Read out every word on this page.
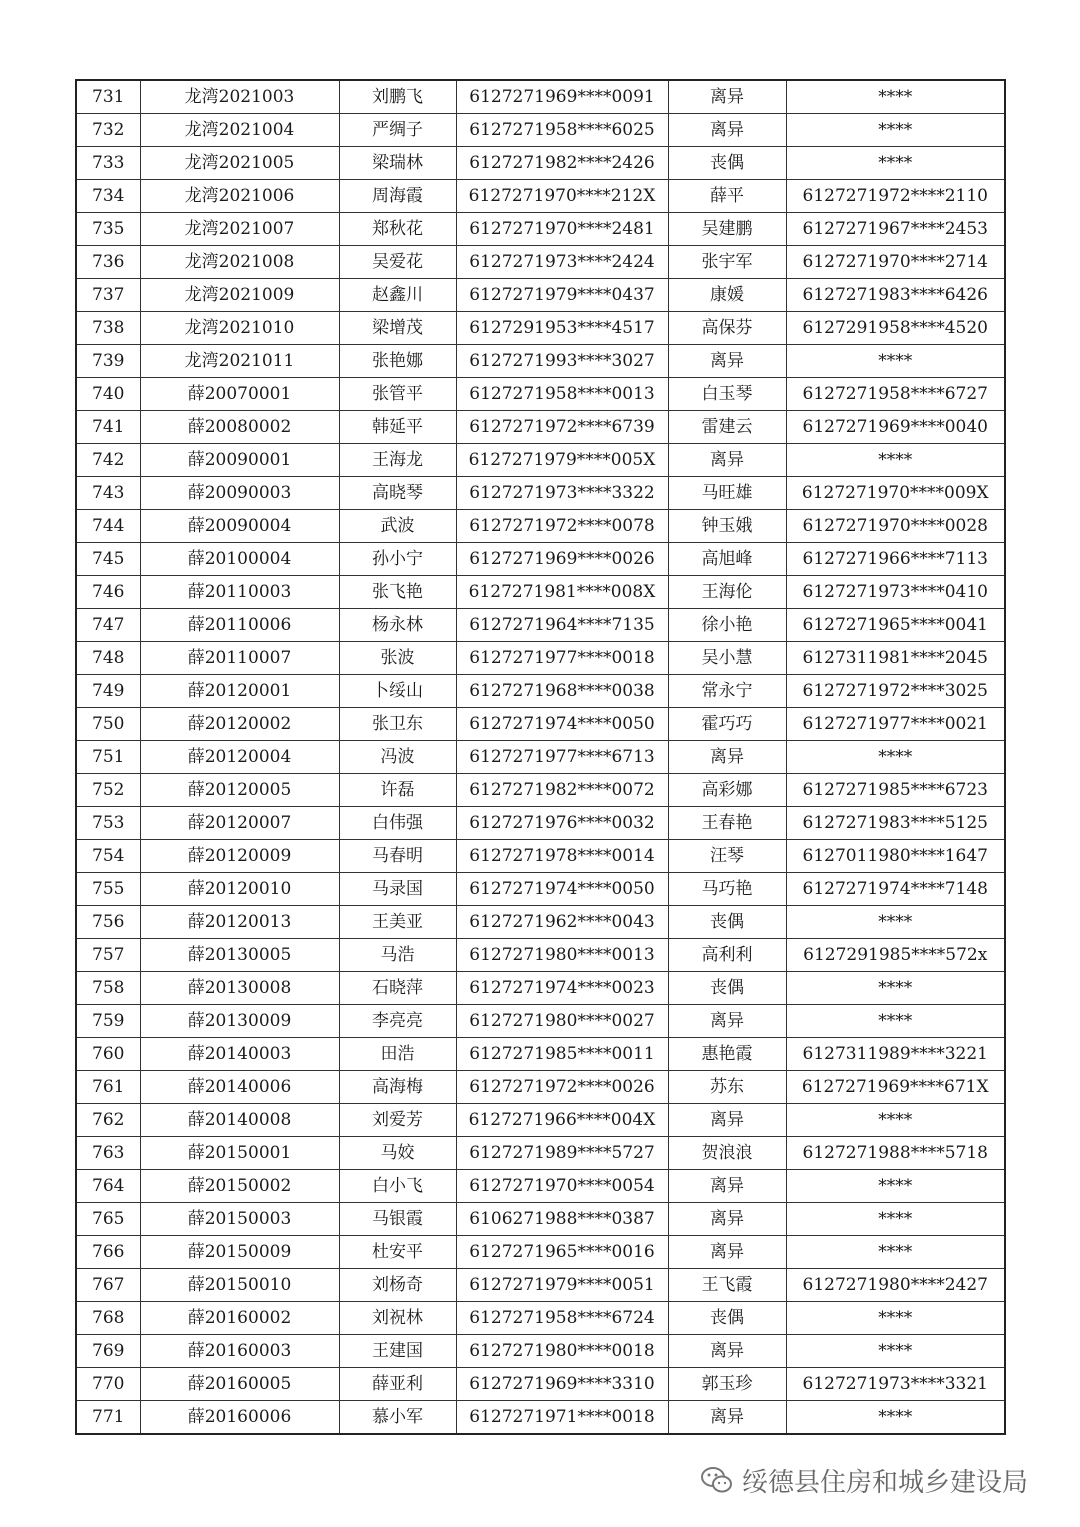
731	龙湾2021003	刘鹏飞	6127271969****0091	离异	****
732	龙湾2021004	严绸子	6127271958****6025	离异	****
733	龙湾2021005	梁瑞林	6127271982****2426	丧偶	****
734	龙湾2021006	周海霞	6127271970****212X	薛平	6127271972****2110
735	龙湾2021007	郑秋花	6127271970****2481	吴建鹏	6127271967****2453
736	龙湾2021008	吴爱花	6127271973****2424	张宇军	6127271970****2714
737	龙湾2021009	赵鑫川	6127271979****0437	康媛	6127271983****6426
738	龙湾2021010	梁增茂	6127291953****4517	高保芬	6127291958****4520
739	龙湾2021011	张艳娜	6127271993****3027	离异	****
740	薛20070001	张管平	6127271958****0013	白玉琴	6127271958****6727
741	薛20080002	韩延平	6127271972****6739	雷建云	6127271969****0040
742	薛20090001	王海龙	6127271979****005X	离异	****
743	薛20090003	高晓琴	6127271973****3322	马旺雄	6127271970****009X
744	薛20090004	武波	6127271972****0078	钟玉娥	6127271970****0028
745	薛20100004	孙小宁	6127271969****0026	高旭峰	6127271966****7113
746	薛20110003	张飞艳	6127271981****008X	王海伦	6127271973****0410
747	薛20110006	杨永林	6127271964****7135	徐小艳	6127271965****0041
748	薛20110007	张波	6127271977****0018	吴小慧	6127311981****2045
749	薛20120001	卜绥山	6127271968****0038	常永宁	6127271972****3025
750	薛20120002	张卫东	6127271974****0050	霍巧巧	6127271977****0021
751	薛20120004	冯波	6127271977****6713	离异	****
752	薛20120005	许磊	6127271982****0072	高彩娜	6127271985****6723
753	薛20120007	白伟强	6127271976****0032	王春艳	6127271983****5125
754	薛20120009	马春明	6127271978****0014	汪琴	6127011980****1647
755	薛20120010	马录国	6127271974****0050	马巧艳	6127271974****7148
756	薛20120013	王美亚	6127271962****0043	丧偶	****
757	薛20130005	马浩	6127271980****0013	高利利	6127291985****572x
758	薛20130008	石晓萍	6127271974****0023	丧偶	****
759	薛20130009	李亮亮	6127271980****0027	离异	****
760	薛20140003	田浩	6127271985****0011	惠艳霞	6127311989****3221
761	薛20140006	高海梅	6127271972****0026	苏东	6127271969****671X
762	薛20140008	刘爱芳	6127271966****004X	离异	****
763	薛20150001	马姣	6127271989****5727	贺浪浪	6127271988****5718
764	薛20150002	白小飞	6127271970****0054	离异	****
765	薛20150003	马银霞	6106271988****0387	离异	****
766	薛20150009	杜安平	6127271965****0016	离异	****
767	薛20150010	刘杨奇	6127271979****0051	王飞霞	6127271980****2427
768	薛20160002	刘祝林	6127271958****6724	丧偶	****
769	薛20160003	王建国	6127271980****0018	离异	****
770	薛20160005	薛亚利	6127271969****3310	郭玉珍	6127271973****3321
771	薛20160006	慕小军	6127271971****0018	离异	****
绥德县住房和城乡建设局
